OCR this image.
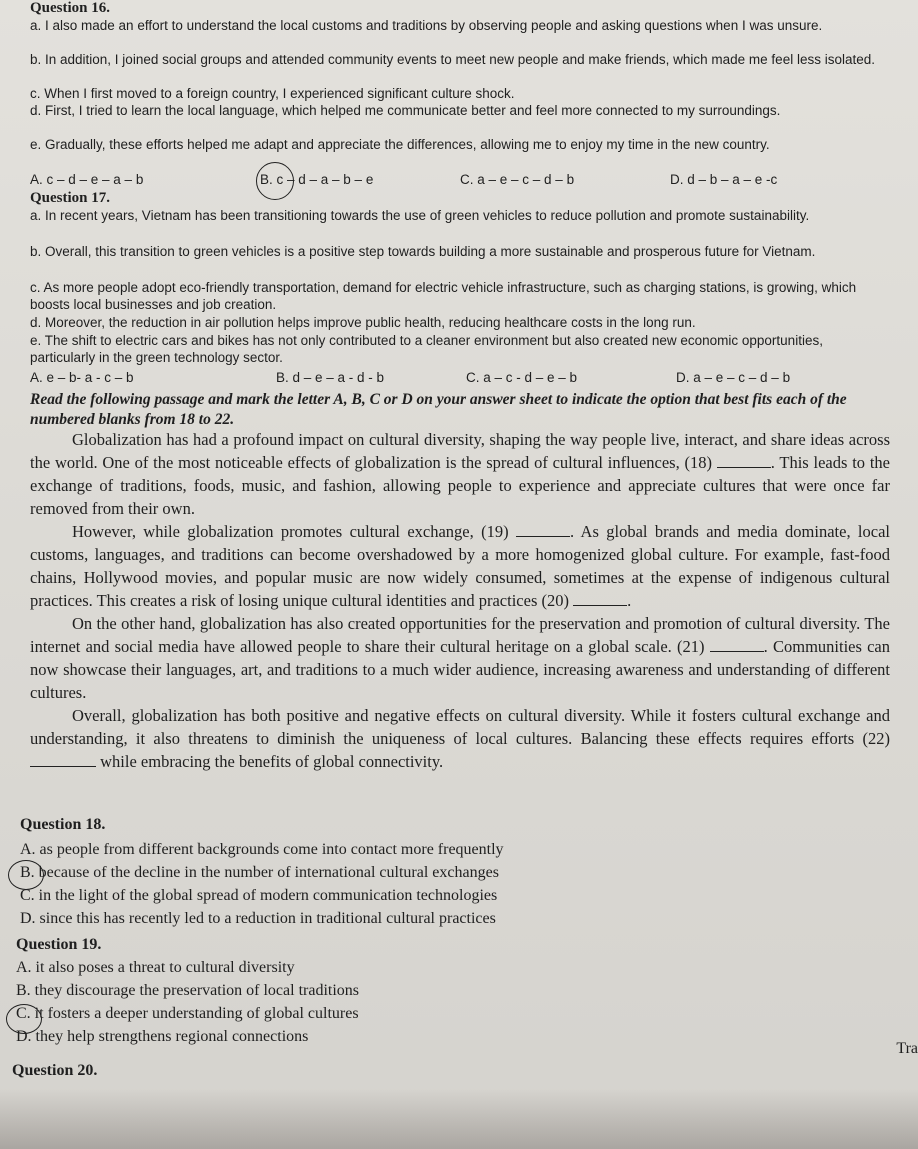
Question 16.
a. I also made an effort to understand the local customs and traditions by observing people and asking questions when I was unsure.
b. In addition, I joined social groups and attended community events to meet new people and make friends, which made me feel less isolated.
c. When I first moved to a foreign country, I experienced significant culture shock.
d. First, I tried to learn the local language, which helped me communicate better and feel more connected to my surroundings.
e. Gradually, these efforts helped me adapt and appreciate the differences, allowing me to enjoy my time in the new country.
A. c – d – e – a – b	B. c – d – a – b – e	C. a – e – c – d – b	D. d – b – a – e -c
Question 17.
a. In recent years, Vietnam has been transitioning towards the use of green vehicles to reduce pollution and promote sustainability.
b. Overall, this transition to green vehicles is a positive step towards building a more sustainable and prosperous future for Vietnam.
c. As more people adopt eco-friendly transportation, demand for electric vehicle infrastructure, such as charging stations, is growing, which boosts local businesses and job creation.
d. Moreover, the reduction in air pollution helps improve public health, reducing healthcare costs in the long run.
e. The shift to electric cars and bikes has not only contributed to a cleaner environment but also created new economic opportunities, particularly in the green technology sector.
A. e – b- a - c – b	B. d – e – a - d - b	C. a – c - d – e – b	D. a – e – c – d – b
Read the following passage and mark the letter A, B, C or D on your answer sheet to indicate the option that best fits each of the numbered blanks from 18 to 22.

Globalization has had a profound impact on cultural diversity, shaping the way people live, interact, and share ideas across the world. One of the most noticeable effects of globalization is the spread of cultural influences, (18)	. This leads to the exchange of traditions, foods, music, and fashion, allowing people to experience and appreciate cultures that were once far removed from their own.

However, while globalization promotes cultural exchange, (19)	. As global brands and media dominate, local customs, languages, and traditions can become overshadowed by a more homogenized global culture. For example, fast-food chains, Hollywood movies, and popular music are now widely consumed, sometimes at the expense of indigenous cultural practices. This creates a risk of losing unique cultural identities and practices (20)	.

On the other hand, globalization has also created opportunities for the preservation and promotion of cultural diversity. The internet and social media have allowed people to share their cultural heritage on a global scale. (21)	. Communities can now showcase their languages, art, and traditions to a much wider audience, increasing awareness and understanding of different cultures.

Overall, globalization has both positive and negative effects on cultural diversity. While it fosters cultural exchange and understanding, it also threatens to diminish the uniqueness of local cultures. Balancing these effects requires efforts (22)  while embracing the benefits of global connectivity.

Question 18.
A. as people from different backgrounds come into contact more frequently
B. because of the decline in the number of international cultural exchanges
C. in the light of the global spread of modern communication technologies
D. since this has recently led to a reduction in traditional cultural practices
Question 19.
A. it also poses a threat to cultural diversity
B. they discourage the preservation of local traditions
C. it fosters a deeper understanding of global cultures
D. they help strengthens regional connections
Question 20.
Tra
